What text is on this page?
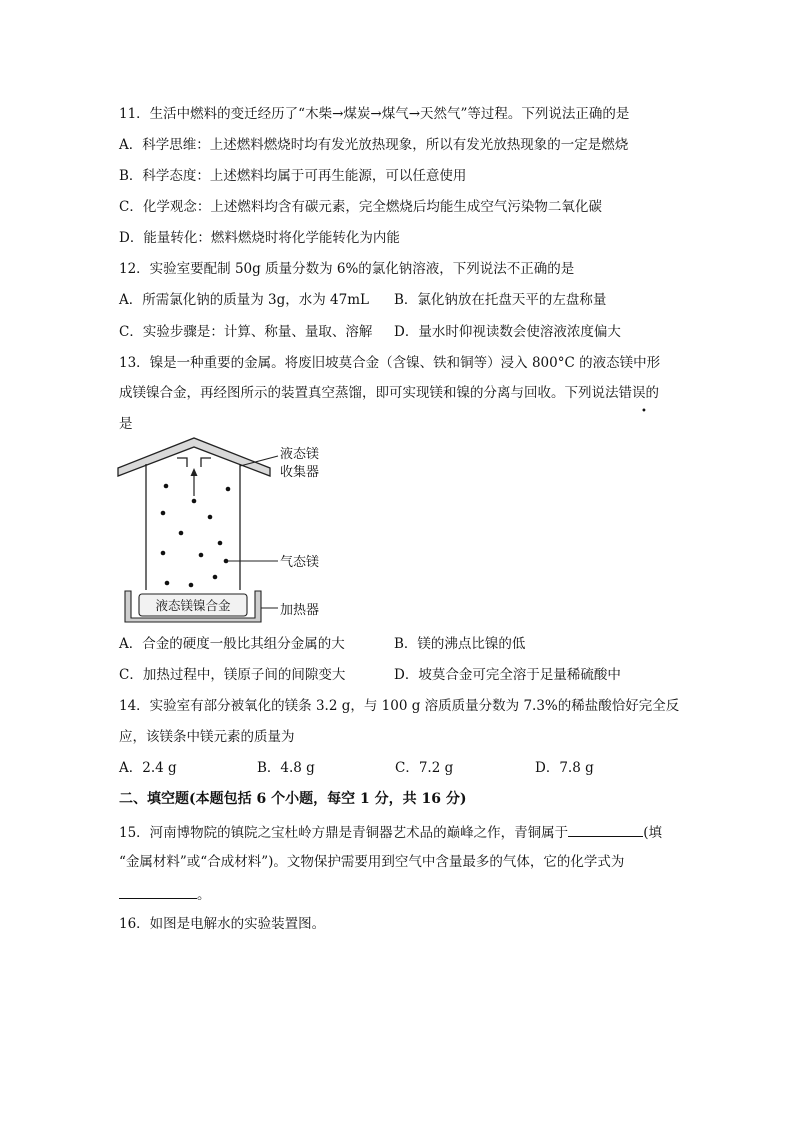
11．生活中燃料的变迁经历了“木柴→煤炭→煤气→天然气”等过程。下列说法正确的是
A．科学思维：上述燃料燃烧时均有发光放热现象，所以有发光放热现象的一定是燃烧
B．科学态度：上述燃料均属于可再生能源，可以任意使用
C．化学观念：上述燃料均含有碳元素，完全燃烧后均能生成空气污染物二氧化碳
D．能量转化：燃料燃烧时将化学能转化为内能
12．实验室要配制 50g 质量分数为 6%的氯化钠溶液，下列说法不正确的是
A．所需氯化钠的质量为 3g，水为 47mL B．氯化钠放在托盘天平的左盘称量
C．实验步骤是：计算、称量、量取、溶解 D．量水时仰视读数会使溶液浓度偏大
13．镍是一种重要的金属。将废旧坡莫合金（含镍、铁和铜等）浸入 800°C 的液态镁中形
成镁镍合金，再经图所示的装置真空蒸馏，即可实现镁和镍的分离与回收。下列说法错误的
•
是
液态镁镍合金
液态镁
收集器
气态镁
加热器
A．合金的硬度一般比其组分金属的大	B．镁的沸点比镍的低
C．加热过程中，镁原子间的间隙变大	D．坡莫合金可完全溶于足量稀硫酸中
14．实验室有部分被氧化的镁条 3.2 g，与 100 g 溶质质量分数为 7.3%的稀盐酸恰好完全反
应，该镁条中镁元素的质量为
A．2.4 g	B．4.8 g	C．7.2 g	D．7.8 g
二、填空题(本题包括 6 个小题，每空 1 分，共 16 分)
15．河南博物院的镇院之宝杜岭方鼎是青铜器艺术品的巅峰之作，青铜属于	(填
“金属材料”或“合成材料”)。文物保护需要用到空气中含量最多的气体，它的化学式为
。
16．如图是电解水的实验装置图。
